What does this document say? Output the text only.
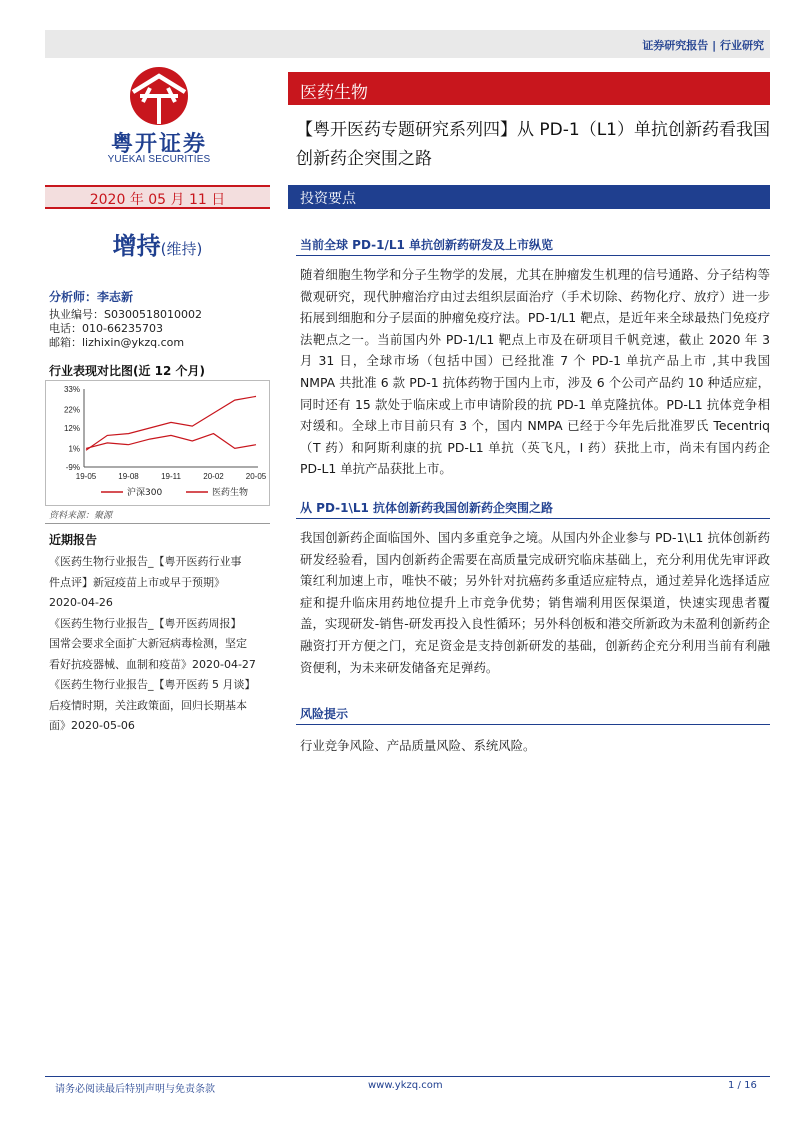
证券研究报告 | 行业研究
粤开证券
YUEKAI SECURITIES
医药生物
【粤开医药专题研究系列四】从 PD-1（L1）单抗创新药看我国创新药企突围之路
2020 年 05 月 11 日	投资要点
增持(维持)
分析师：李志新
执业编号：S0300518010002
电话：010-66235703
邮箱：lizhixin@ykzq.com
行业表现对比图(近 12 个月)
33%
22%
12%
1%
-9%
19-05	19-08	19-11	20-02	20-05
沪深300	医药生物
资料来源：聚源
近期报告
《医药生物行业报告_【粤开医药行业事
件点评】新冠疫苗上市或早于预期》
2020-04-26
《医药生物行业报告_【粤开医药周报】
国常会要求全面扩大新冠病毒检测，坚定
看好抗疫器械、血制和疫苗》2020-04-27
《医药生物行业报告_【粤开医药 5 月谈】
后疫情时期，关注政策面，回归长期基本
面》2020-05-06
当前全球 PD-1/L1 单抗创新药研发及上市纵览
随着细胞生物学和分子生物学的发展，尤其在肿瘤发生机理的信号通路、分子结构等微观研究，现代肿瘤治疗由过去组织层面治疗（手术切除、药物化疗、放疗）进一步拓展到细胞和分子层面的肿瘤免疫疗法。PD-1/L1 靶点，是近年来全球最热门免疫疗法靶点之一。当前国内外 PD-1/L1 靶点上市及在研项目千帆竞速，截止 2020 年 3 月 31 日，全球市场（包括中国）已经批准 7 个 PD-1 单抗产品上市 ,其中我国 NMPA 共批准 6 款 PD-1 抗体药物于国内上市，涉及 6 个公司产品约 10 种适应症，同时还有 15 款处于临床或上市申请阶段的抗 PD-1 单克隆抗体。PD-L1 抗体竞争相对缓和。全球上市目前只有 3 个，国内 NMPA 已经于今年先后批准罗氏 Tecentriq（T 药）和阿斯利康的抗 PD-L1 单抗（英飞凡，I 药）获批上市，尚未有国内药企 PD-L1 单抗产品获批上市。
从 PD-1\L1 抗体创新药我国创新药企突围之路
我国创新药企面临国外、国内多重竞争之境。从国内外企业参与 PD-1\L1 抗体创新药研发经验看，国内创新药企需要在高质量完成研究临床基础上，充分利用优先审评政策红利加速上市，唯快不破；另外针对抗癌药多重适应症特点，通过差异化选择适应症和提升临床用药地位提升上市竞争优势；销售端利用医保渠道，快速实现患者覆盖，实现研发-销售-研发再投入良性循环；另外科创板和港交所新政为未盈利创新药企融资打开方便之门，充足资金是支持创新研发的基础，创新药企充分利用当前有利融资便利，为未来研发储备充足弹药。
风险提示
行业竞争风险、产品质量风险、系统风险。
请务必阅读最后特别声明与免责条款	www.ykzq.com	1 / 16
